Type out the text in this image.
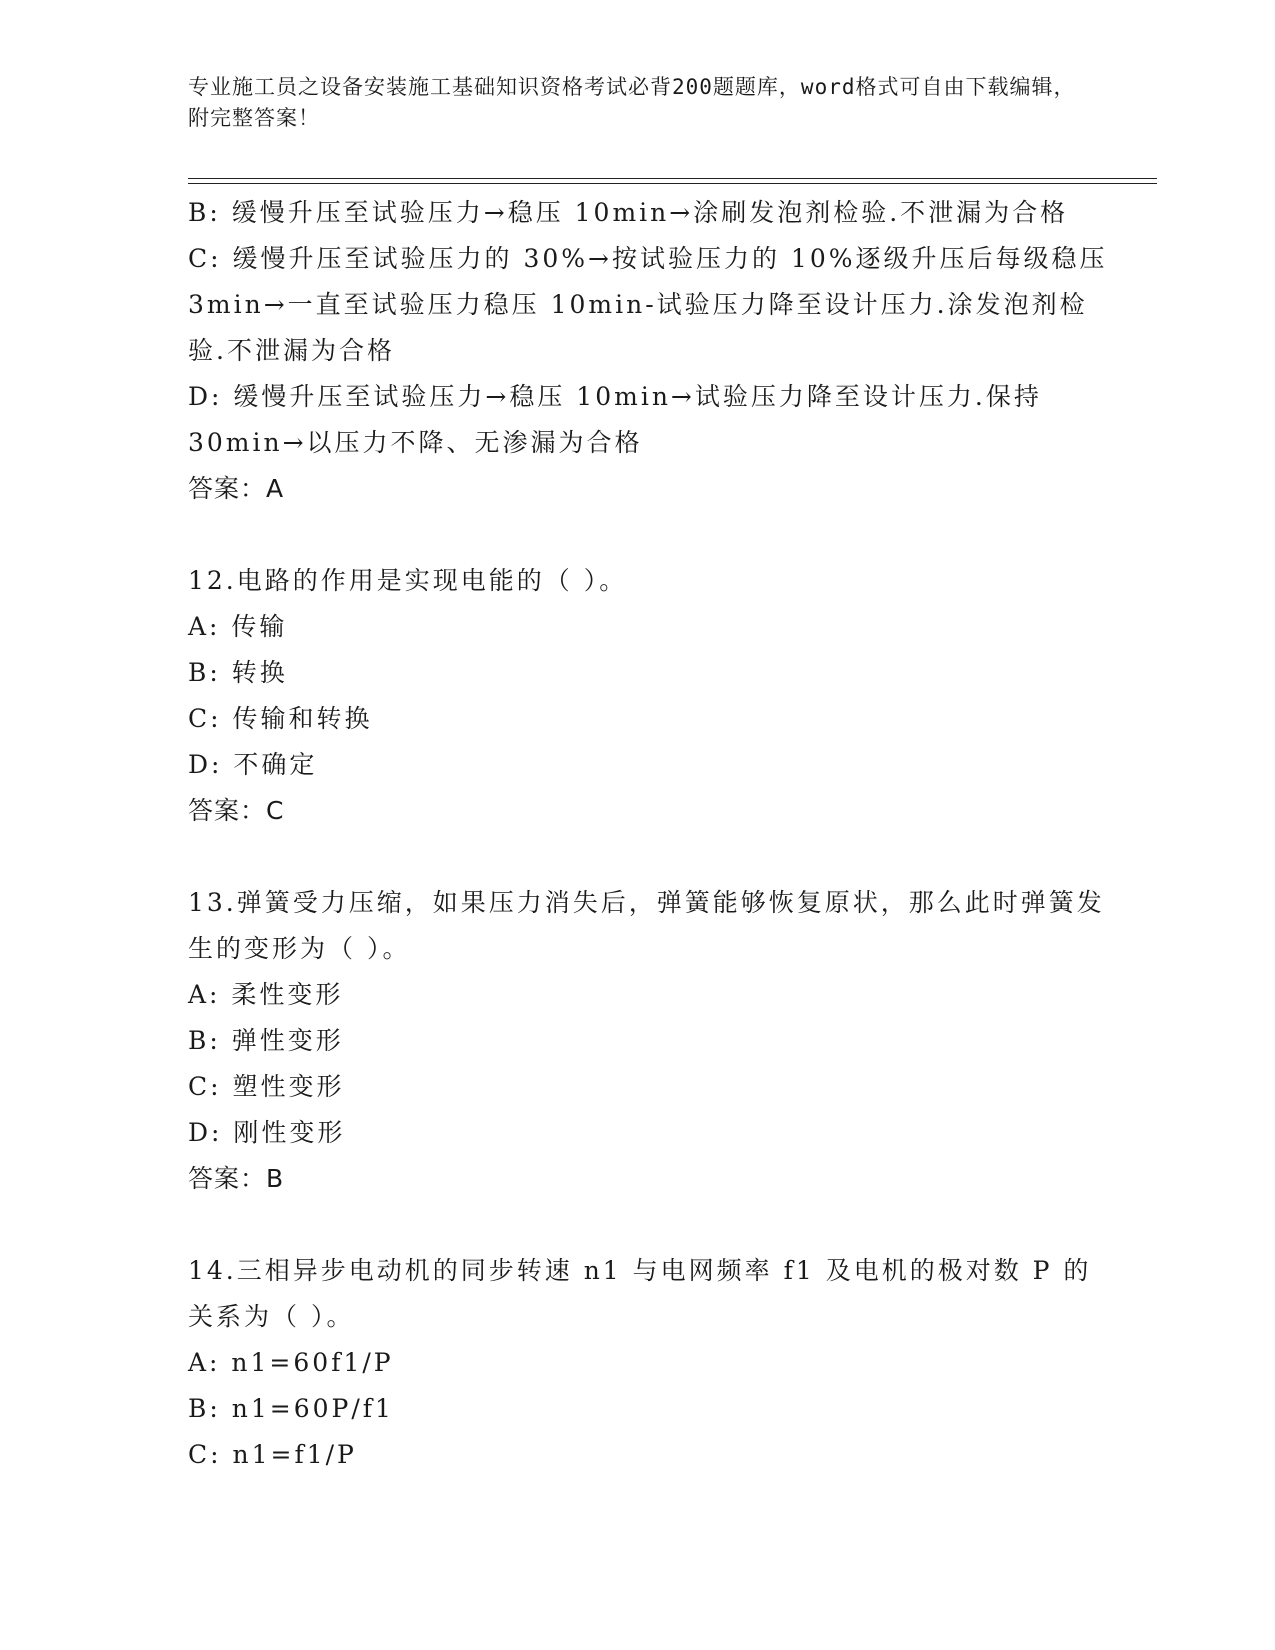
专业施工员之设备安装施工基础知识资格考试必背200题题库，word格式可自由下载编辑，附完整答案！

B: 缓慢升压至试验压力→稳压 10min→涂刷发泡剂检验.不泄漏为合格

C: 缓慢升压至试验压力的 30%→按试验压力的 10%逐级升压后每级稳压 3min→一直至试验压力稳压 10min-试验压力降至设计压力.涂发泡剂检验.不泄漏为合格

D: 缓慢升压至试验压力→稳压 10min→试验压力降至设计压力.保持 30min→以压力不降、无渗漏为合格

答案：A

12.电路的作用是实现电能的（ ）。

A: 传输

B: 转换

C: 传输和转换

D: 不确定

答案：C

13.弹簧受力压缩，如果压力消失后，弹簧能够恢复原状，那么此时弹簧发生的变形为（ ）。

A: 柔性变形

B: 弹性变形

C: 塑性变形

D: 刚性变形

答案：B

14.三相异步电动机的同步转速 n1 与电网频率 f1 及电机的极对数 P 的关系为（ ）。

A: n1=60f1/P

B: n1=60P/f1

C: n1=f1/P
